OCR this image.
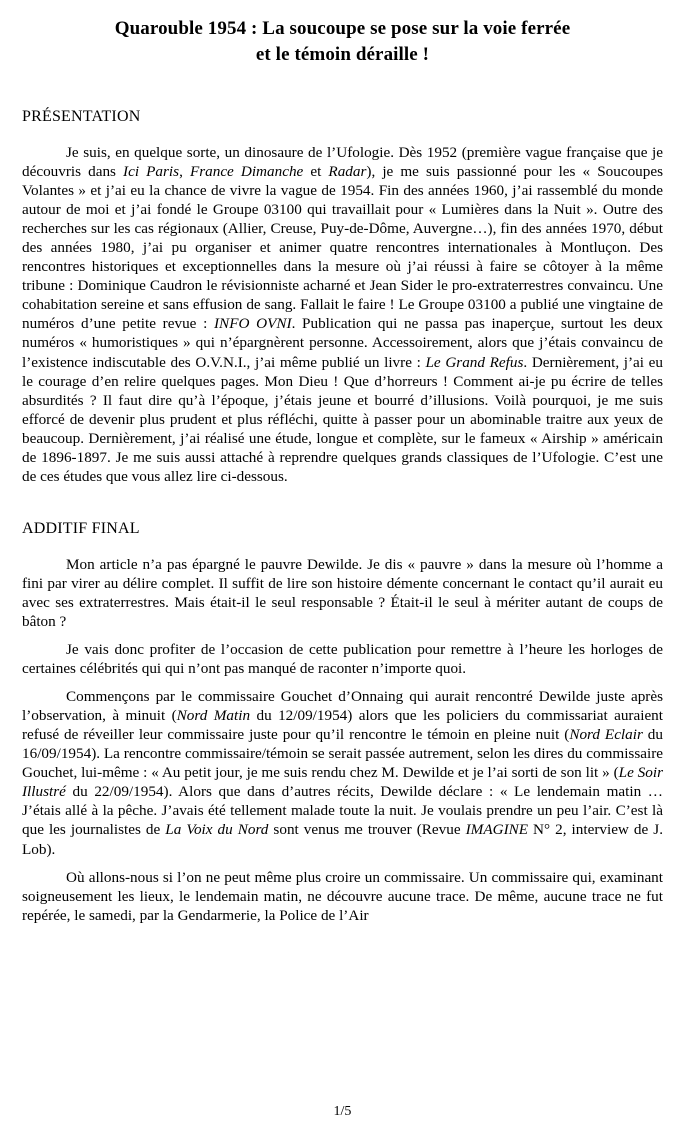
Quarouble 1954 : La soucoupe se pose sur la voie ferrée
et le témoin déraille !
PRÉSENTATION

Je suis, en quelque sorte, un dinosaure de l’Ufologie. Dès 1952 (première vague française que je découvris dans Ici Paris, France Dimanche et Radar), je me suis passionné pour les « Soucoupes Volantes » et j’ai eu la chance de vivre la vague de 1954. Fin des années 1960, j’ai rassemblé du monde autour de moi et j’ai fondé le Groupe 03100 qui travaillait pour « Lumières dans la Nuit ». Outre des recherches sur les cas régionaux (Allier, Creuse, Puy-de-Dôme, Auvergne…), fin des années 1970, début des années 1980, j’ai pu organiser et animer quatre rencontres internationales à Montluçon. Des rencontres historiques et exceptionnelles dans la mesure où j’ai réussi à faire se côtoyer à la même tribune : Dominique Caudron le révisionniste acharné et Jean Sider le pro-extraterrestres convaincu. Une cohabitation sereine et sans effusion de sang. Fallait le faire ! Le Groupe 03100 a publié une vingtaine de numéros d’une petite revue : INFO OVNI. Publication qui ne passa pas inaperçue, surtout les deux numéros « humoristiques » qui n’épargnèrent personne. Accessoirement, alors que j’étais convaincu de l’existence indiscutable des O.V.N.I., j’ai même publié un livre : Le Grand Refus. Dernièrement, j’ai eu le courage d’en relire quelques pages. Mon Dieu ! Que d’horreurs ! Comment ai-je pu écrire de telles absurdités ? Il faut dire qu’à l’époque, j’étais jeune et bourré d’illusions. Voilà pourquoi, je me suis efforcé de devenir plus prudent et plus réfléchi, quitte à passer pour un abominable traitre aux yeux de beaucoup. Dernièrement, j’ai réalisé une étude, longue et complète, sur le fameux « Airship » américain de 1896-1897. Je me suis aussi attaché à reprendre quelques grands classiques de l’Ufologie. C’est une de ces études que vous allez lire ci-dessous.

ADDITIF FINAL

Mon article n’a pas épargné le pauvre Dewilde. Je dis « pauvre » dans la mesure où l’homme a fini par virer au délire complet. Il suffit de lire son histoire démente concernant le contact qu’il aurait eu avec ses extraterrestres. Mais était-il le seul responsable ? Était-il le seul à mériter autant de coups de bâton ?

Je vais donc profiter de l’occasion de cette publication pour remettre à l’heure les horloges de certaines célébrités qui qui n’ont pas manqué de raconter n’importe quoi.

Commençons par le commissaire Gouchet d’Onnaing qui aurait rencontré Dewilde juste après l’observation, à minuit (Nord Matin du 12/09/1954) alors que les policiers du commissariat auraient refusé de réveiller leur commissaire juste pour qu’il rencontre le témoin en pleine nuit (Nord Eclair du 16/09/1954). La rencontre commissaire/témoin se serait passée autrement, selon les dires du commissaire Gouchet, lui-même : « Au petit jour, je me suis rendu chez M. Dewilde et je l’ai sorti de son lit » (Le Soir Illustré du 22/09/1954). Alors que dans d’autres récits, Dewilde déclare : « Le lendemain matin … J’étais allé à la pêche. J’avais été tellement malade toute la nuit. Je voulais prendre un peu l’air. C’est là que les journalistes de La Voix du Nord sont venus me trouver (Revue IMAGINE N° 2, interview de J. Lob).

Où allons-nous si l’on ne peut même plus croire un commissaire. Un commissaire qui, examinant soigneusement les lieux, le lendemain matin, ne découvre aucune trace. De même, aucune trace ne fut repérée, le samedi, par la Gendarmerie, la Police de l’Air

1/5
